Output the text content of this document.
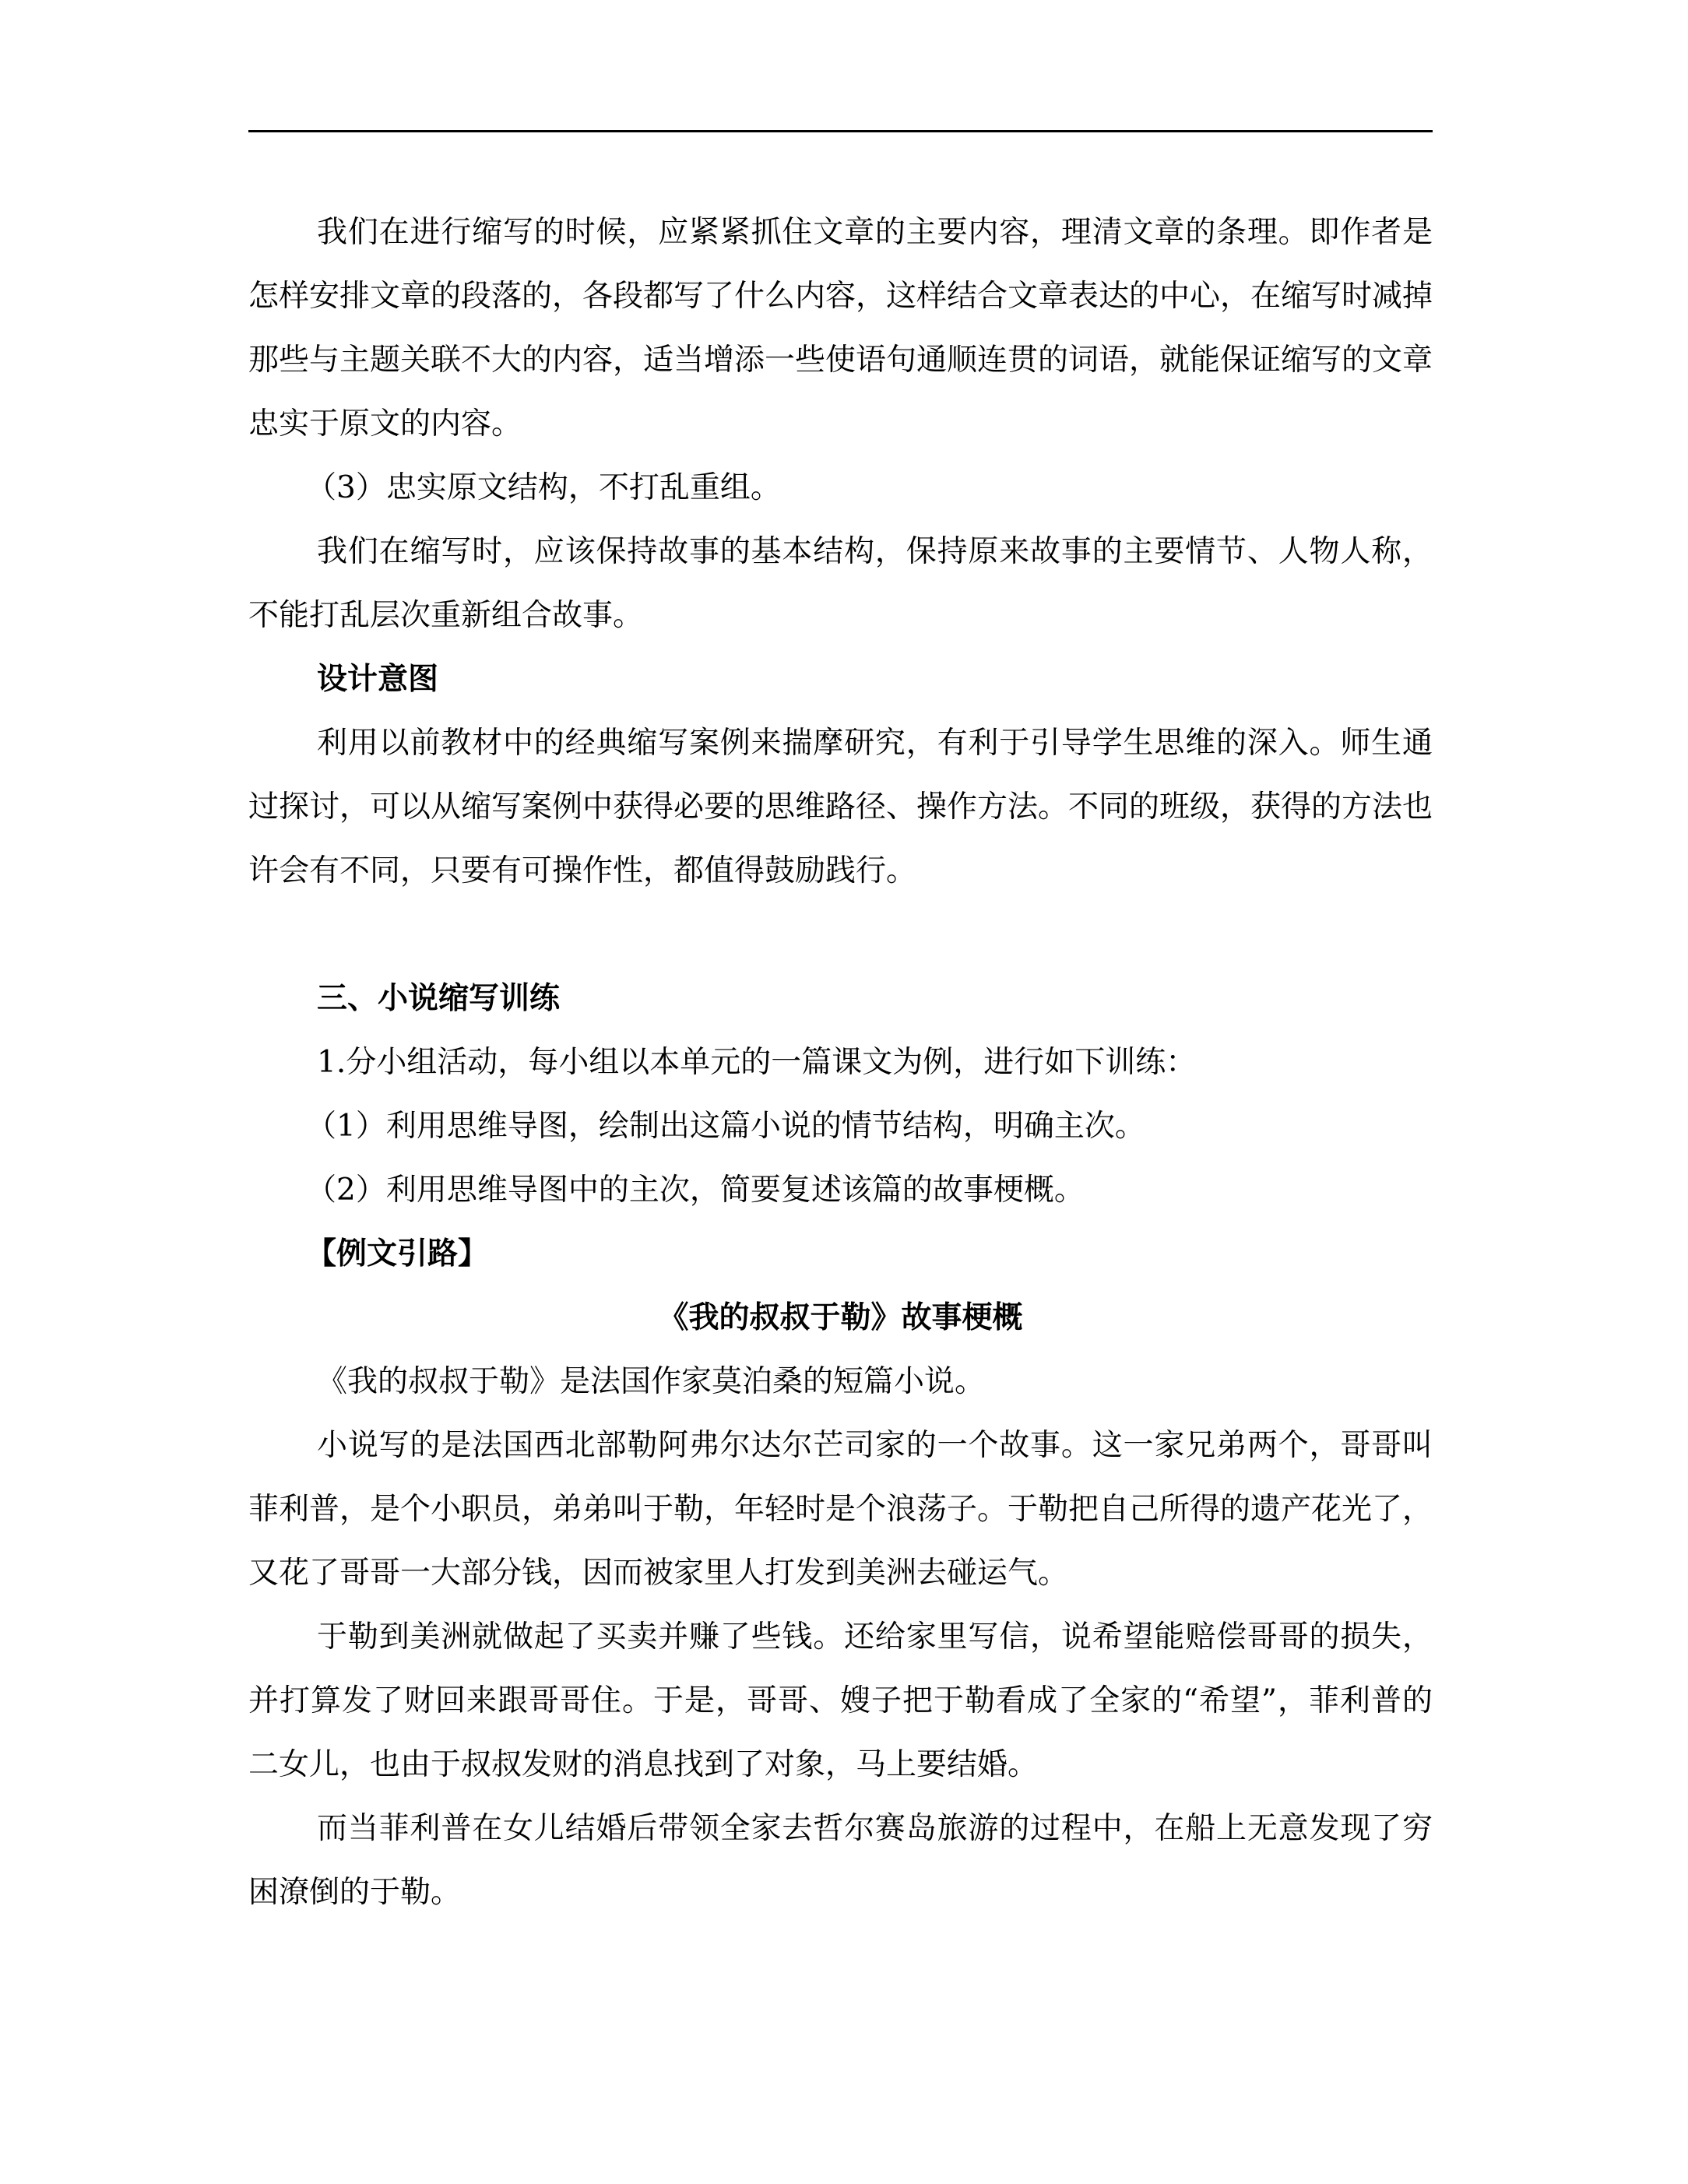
我们在进行缩写的时候，应紧紧抓住文章的主要内容，理清文章的条理。即作者是怎样安排文章的段落的，各段都写了什么内容，这样结合文章表达的中心，在缩写时减掉那些与主题关联不大的内容，适当增添一些使语句通顺连贯的词语，就能保证缩写的文章忠实于原文的内容。

（3）忠实原文结构，不打乱重组。

我们在缩写时，应该保持故事的基本结构，保持原来故事的主要情节、人物人称，不能打乱层次重新组合故事。

设计意图

利用以前教材中的经典缩写案例来揣摩研究，有利于引导学生思维的深入。师生通过探讨，可以从缩写案例中获得必要的思维路径、操作方法。不同的班级，获得的方法也许会有不同，只要有可操作性，都值得鼓励践行。

三、小说缩写训练

1.分小组活动，每小组以本单元的一篇课文为例，进行如下训练：

（1）利用思维导图，绘制出这篇小说的情节结构，明确主次。

（2）利用思维导图中的主次，简要复述该篇的故事梗概。

【例文引路】

《我的叔叔于勒》故事梗概

《我的叔叔于勒》是法国作家莫泊桑的短篇小说。

小说写的是法国西北部勒阿弗尔达尔芒司家的一个故事。这一家兄弟两个，哥哥叫菲利普，是个小职员，弟弟叫于勒，年轻时是个浪荡子。于勒把自己所得的遗产花光了，又花了哥哥一大部分钱，因而被家里人打发到美洲去碰运气。

于勒到美洲就做起了买卖并赚了些钱。还给家里写信，说希望能赔偿哥哥的损失，并打算发了财回来跟哥哥住。于是，哥哥、嫂子把于勒看成了全家的“希望”，菲利普的二女儿，也由于叔叔发财的消息找到了对象，马上要结婚。

而当菲利普在女儿结婚后带领全家去哲尔赛岛旅游的过程中，在船上无意发现了穷困潦倒的于勒。
